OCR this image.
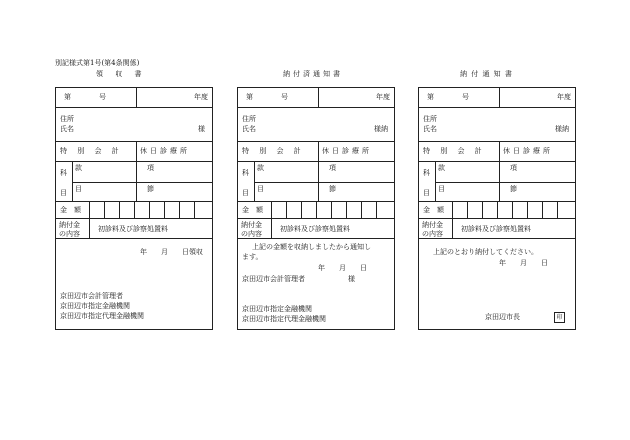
別記様式第1号(第4条関係)
領 収 書	納付済通知書	納 付 通 知 書
第　　　　号	年度
住所
氏名	様
特 別 会 計 休日診療所
科
目
款	項
目	節
金　額
納付金
の内容
初診料及び診察処置料
年　　月　　日領収
京田辺市会計管理者
京田辺市指定金融機関
京田辺市指定代理金融機関
第　　　　号	年度
住所
氏名	様納
特 別 会 計 休日診療所
科
目
款	項
目	節
金　額
納付金
の内容
初診料及び診察処置料
上記の金額を収納しましたから通知し
ます。
年　　月　　日
京田辺市会計管理者	様
京田辺市指定金融機関
京田辺市指定代理金融機関
第　　　　号	年度
住所
氏名	様納
特 別 会 計 休日診療所
科
目
款	項
目	節
金　額
納付金
の内容
初診料及び診察処置料
上記のとおり納付してください。
年　　月　　日
京田辺市長	印
